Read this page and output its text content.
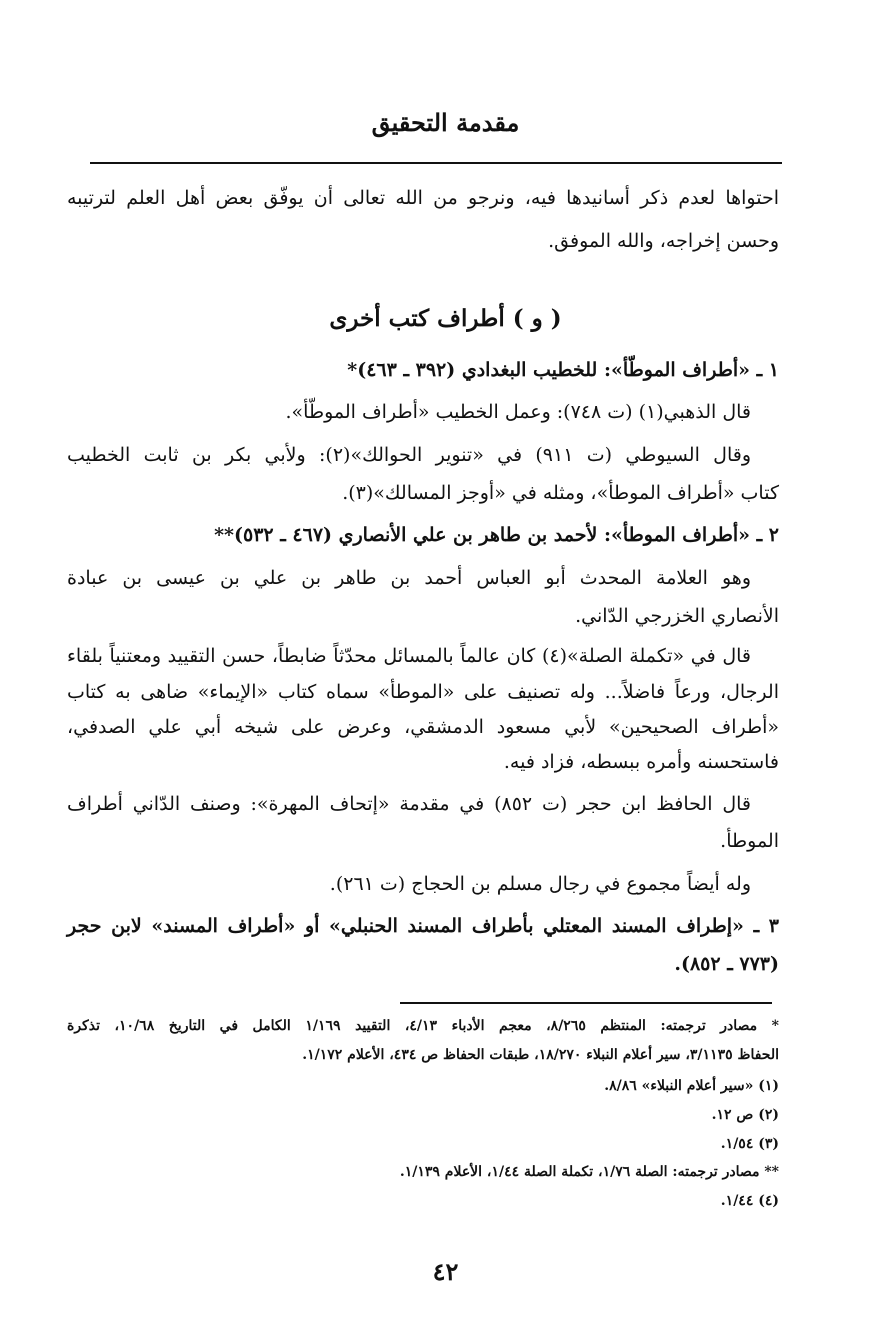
مقدمة التحقيق

احتواها لعدم ذكر أسانيدها فيه، ونرجو من الله تعالى أن يوفّق بعض أهل العلم لترتيبه

وحسن إخراجه، والله الموفق.

( و ) أطراف كتب أخرى

١ ـ «أطراف الموطّأ»: للخطيب البغدادي (٣٩٢ ـ ٤٦٣)*

قال الذهبي(١) (ت ٧٤٨): وعمل الخطيب «أطراف الموطّأ».

وقال السيوطي (ت ٩١١) في «تنوير الحوالك»(٢): ولأبي بكر بن ثابت الخطيب

كتاب «أطراف الموطأ»، ومثله في «أوجز المسالك»(٣).

٢ ـ «أطراف الموطأ»: لأحمد بن طاهر بن علي الأنصاري (٤٦٧ ـ ٥٣٢)**

وهو العلامة المحدث أبو العباس أحمد بن طاهر بن علي بن عيسى بن عبادة

الأنصاري الخزرجي الدّاني.

قال في «تكملة الصلة»(٤) كان عالماً بالمسائل محدّثاً ضابطاً، حسن التقييد ومعتنياً بلقاء

الرجال، ورعاً فاضلاً... وله تصنيف على «الموطأ» سماه كتاب «الإيماء» ضاهى به كتاب

«أطراف الصحيحين» لأبي مسعود الدمشقي، وعرض على شيخه أبي علي الصدفي،

فاستحسنه وأمره ببسطه، فزاد فيه.

قال الحافظ ابن حجر (ت ٨٥٢) في مقدمة «إتحاف المهرة»: وصنف الدّاني أطراف

الموطأ.

وله أيضاً مجموع في رجال مسلم بن الحجاج (ت ٢٦١).

٣ ـ «إطراف المسند المعتلي بأطراف المسند الحنبلي» أو «أطراف المسند» لابن حجر

(٧٧٣ ـ ٨٥٢).

* مصادر ترجمته: المنتظم ٨/٢٦٥، معجم الأدباء ٤/١٣، التقييد ١/١٦٩ الكامل في التاريخ ١٠/٦٨، تذكرة

الحفاظ ٣/١١٣٥، سير أعلام النبلاء ١٨/٢٧٠، طبقات الحفاظ ص ٤٣٤، الأعلام ١/١٧٢.

(١) «سير أعلام النبلاء» ٨/٨٦.

(٢) ص ١٢.

(٣) ١/٥٤.

** مصادر ترجمته: الصلة ١/٧٦، تكملة الصلة ١/٤٤، الأعلام ١/١٣٩.

(٤) ١/٤٤.

٤٢
